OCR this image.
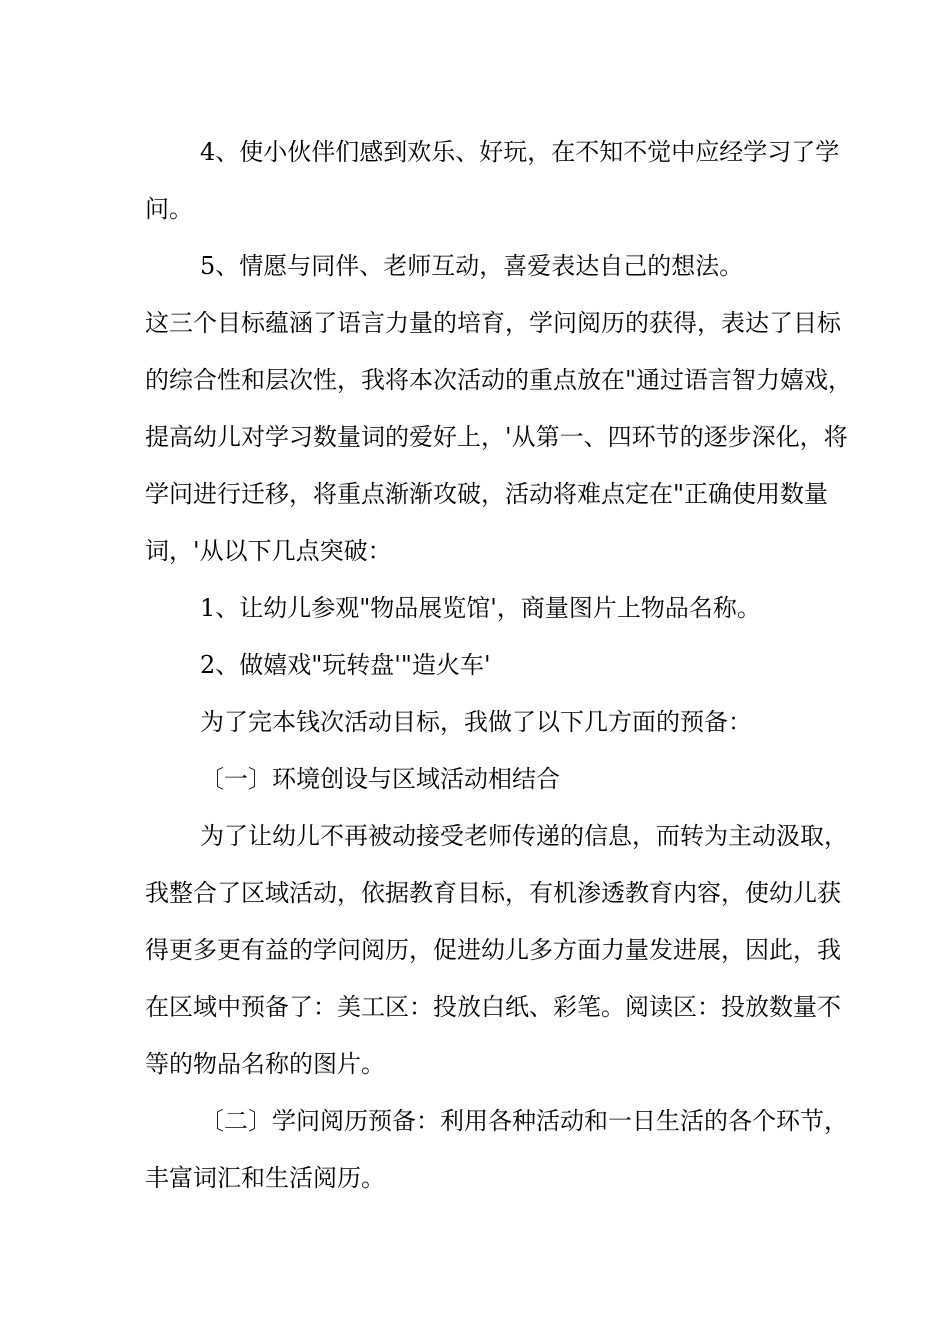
4、使小伙伴们感到欢乐、好玩，在不知不觉中应经学习了学
问。
5、情愿与同伴、老师互动，喜爱表达自己的想法。
这三个目标蕴涵了语言力量的培育，学问阅历的获得，表达了目标
的综合性和层次性，我将本次活动的重点放在"通过语言智力嬉戏，
提高幼儿对学习数量词的爱好上，'从第一、四环节的逐步深化，将
学问进行迁移，将重点渐渐攻破，活动将难点定在"正确使用数量
词，'从以下几点突破：
1、让幼儿参观"物品展览馆'，商量图片上物品名称。
2、做嬉戏"玩转盘'"造火车'
为了完本钱次活动目标，我做了以下几方面的预备：
〔一〕环境创设与区域活动相结合
为了让幼儿不再被动接受老师传递的信息，而转为主动汲取，
我整合了区域活动，依据教育目标，有机渗透教育内容，使幼儿获
得更多更有益的学问阅历，促进幼儿多方面力量发进展，因此，我
在区域中预备了：美工区：投放白纸、彩笔。阅读区：投放数量不
等的物品名称的图片。
〔二〕学问阅历预备：利用各种活动和一日生活的各个环节，
丰富词汇和生活阅历。
